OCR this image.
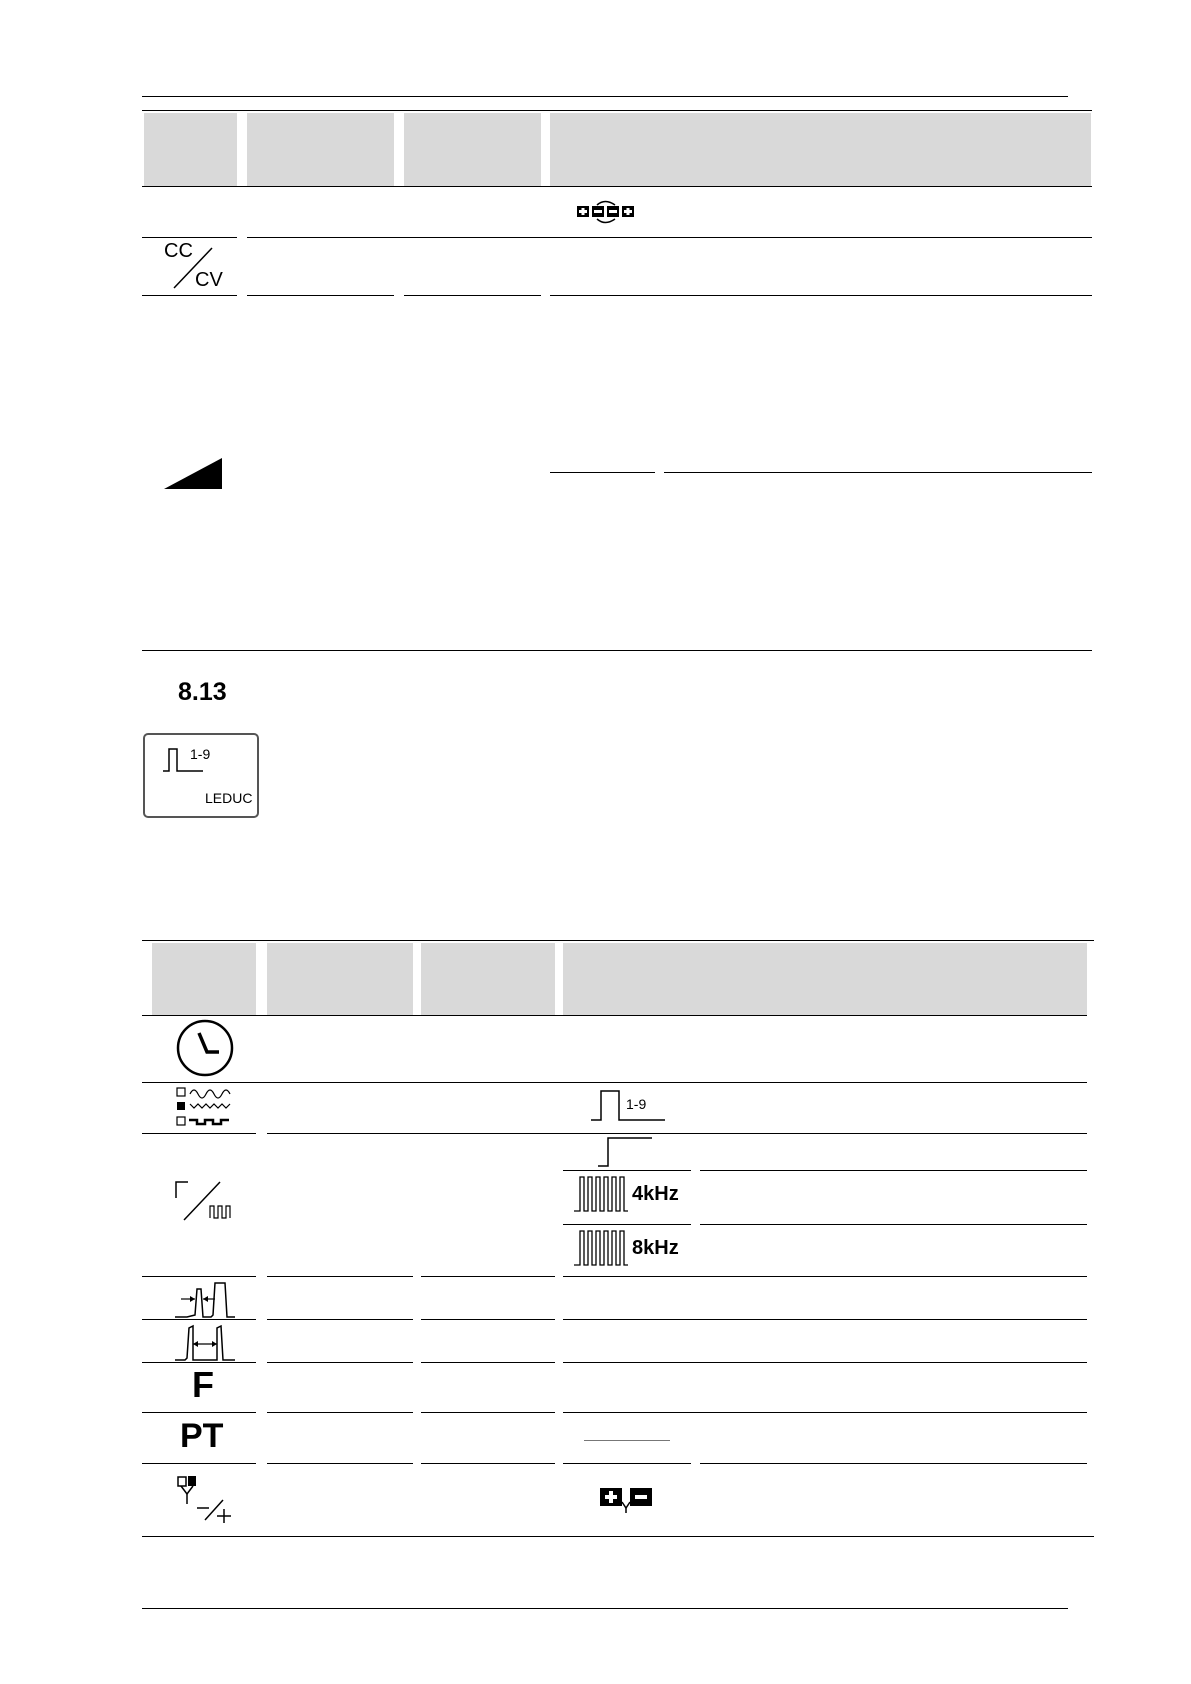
CC
CV
8.13
1-9
LEDUC
1-9
4kHz
8kHz
F
PT
